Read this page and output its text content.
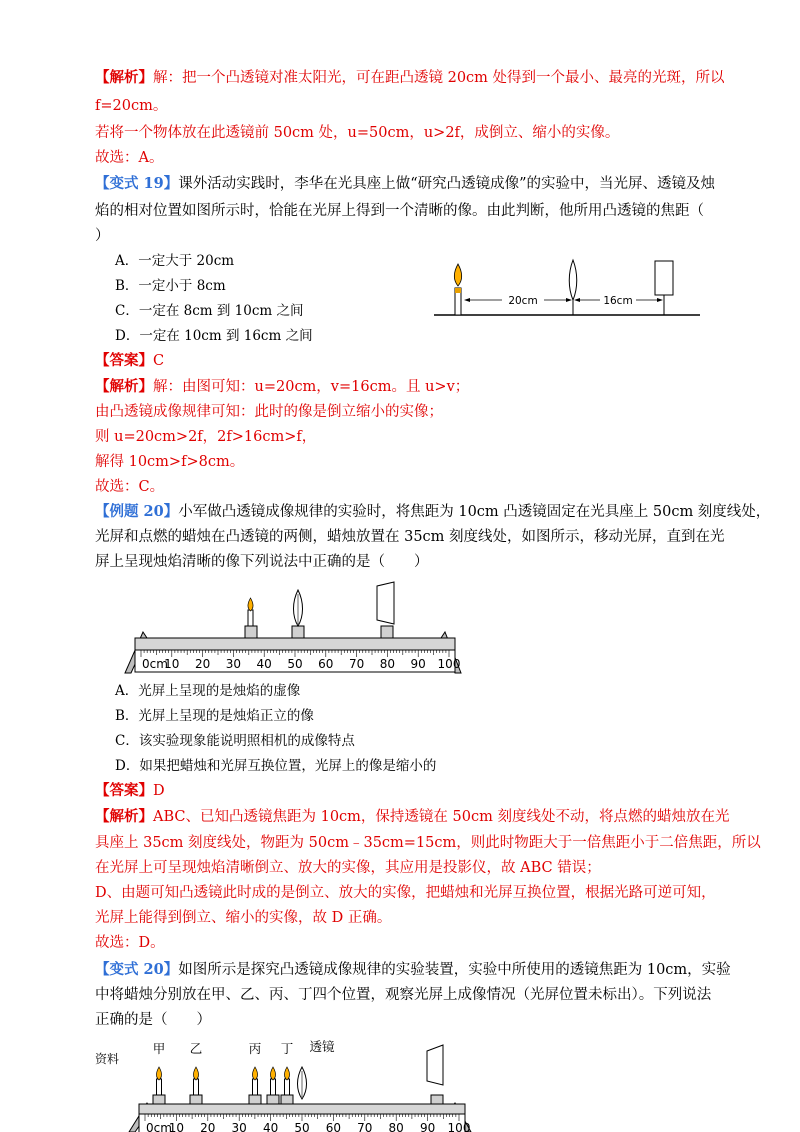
【解析】解：把一个凸透镜对准太阳光，可在距凸透镜 20cm 处得到一个最小、最亮的光斑，所以
f=20cm。
若将一个物体放在此透镜前 50cm 处，u=50cm，u>2f，成倒立、缩小的实像。
故选：A。
【变式 19】课外活动实践时，李华在光具座上做“研究凸透镜成像”的实验中，当光屏、透镜及烛
焰的相对位置如图所示时，恰能在光屏上得到一个清晰的像。由此判断，他所用凸透镜的焦距（
）
A．一定大于 20cm
B．一定小于 8cm
C．一定在 8cm 到 10cm 之间
D．一定在 10cm 到 16cm 之间
20cm	16cm
【答案】C
【解析】解：由图可知：u=20cm，v=16cm。且 u>v；
由凸透镜成像规律可知：此时的像是倒立缩小的实像；
则 u=20cm>2f，2f>16cm>f，
解得 10cm>f>8cm。
故选：C。
【例题 20】小军做凸透镜成像规律的实验时，将焦距为 10cm 凸透镜固定在光具座上 50cm 刻度线处，
光屏和点燃的蜡烛在凸透镜的两侧，蜡烛放置在 35cm 刻度线处，如图所示，移动光屏，直到在光
屏上呈现烛焰清晰的像下列说法中正确的是（　　）
0cm
10 20 30 40 50 60 70 80 90 100
A．光屏上呈现的是烛焰的虚像
B．光屏上呈现的是烛焰正立的像
C．该实验现象能说明照相机的成像特点
D．如果把蜡烛和光屏互换位置，光屏上的像是缩小的
【答案】D
【解析】ABC、已知凸透镜焦距为 10cm，保持透镜在 50cm 刻度线处不动，将点燃的蜡烛放在光
具座上 35cm 刻度线处，物距为 50cm﹣35cm=15cm，则此时物距大于一倍焦距小于二倍焦距，所以
在光屏上可呈现烛焰清晰倒立、放大的实像，其应用是投影仪，故 ABC 错误；
D、由题可知凸透镜此时成的是倒立、放大的实像，把蜡烛和光屏互换位置，根据光路可逆可知，
光屏上能得到倒立、缩小的实像，故 D 正确。
故选：D。
【变式 20】如图所示是探究凸透镜成像规律的实验装置，实验中所使用的透镜焦距为 10cm，实验
中将蜡烛分别放在甲、乙、丙、丁四个位置，观察光屏上成像情况（光屏位置未标出）。下列说法
正确的是（　　）
资料
甲 乙	丙 丁 透镜
0cm
10 20 30 40 50 60 70 80 90 100
